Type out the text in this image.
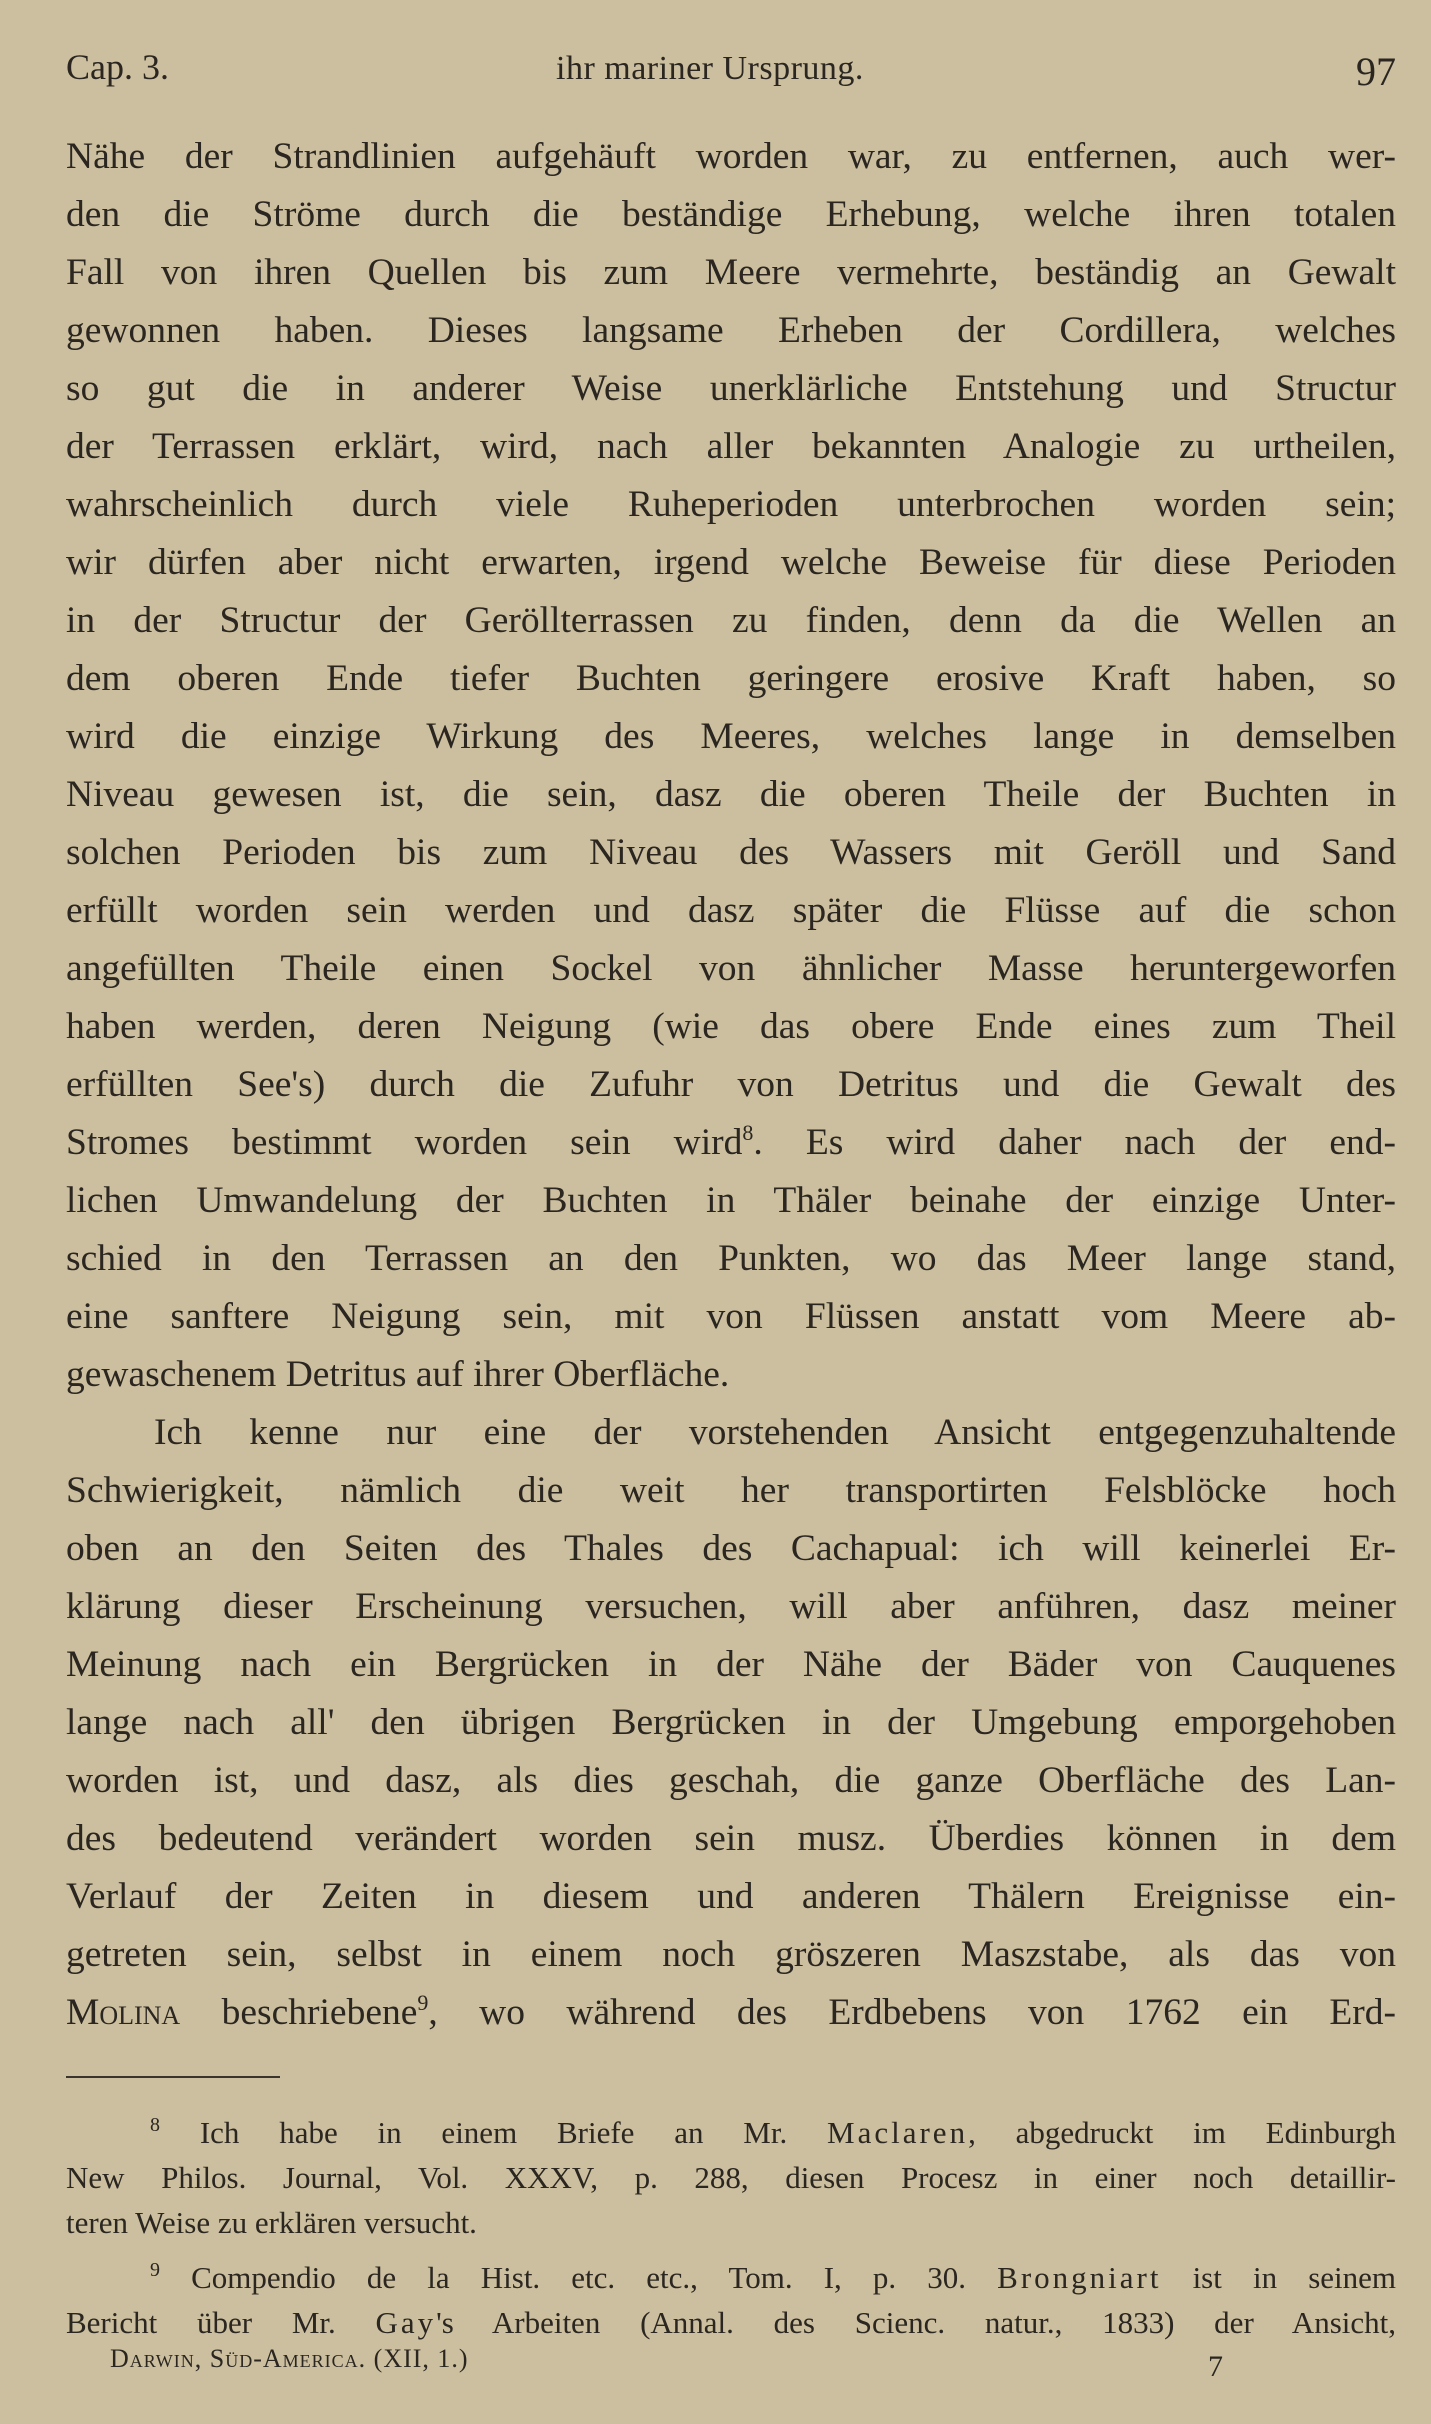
Cap. 3.	ihr mariner Ursprung.	97
Nähe der Strandlinien aufgehäuft worden war, zu entfernen, auch wer-
den die Ströme durch die beständige Erhebung, welche ihren totalen
Fall von ihren Quellen bis zum Meere vermehrte, beständig an Gewalt
gewonnen haben. Dieses langsame Erheben der Cordillera, welches
so gut die in anderer Weise unerklärliche Entstehung und Structur
der Terrassen erklärt, wird, nach aller bekannten Analogie zu urtheilen,
wahrscheinlich durch viele Ruheperioden unterbrochen worden sein;
wir dürfen aber nicht erwarten, irgend welche Beweise für diese Perioden
in der Structur der Geröllterrassen zu finden, denn da die Wellen an
dem oberen Ende tiefer Buchten geringere erosive Kraft haben, so
wird die einzige Wirkung des Meeres, welches lange in demselben
Niveau gewesen ist, die sein, dasz die oberen Theile der Buchten in
solchen Perioden bis zum Niveau des Wassers mit Geröll und Sand
erfüllt worden sein werden und dasz später die Flüsse auf die schon
angefüllten Theile einen Sockel von ähnlicher Masse heruntergeworfen
haben werden, deren Neigung (wie das obere Ende eines zum Theil
erfüllten See's) durch die Zufuhr von Detritus und die Gewalt des
Stromes bestimmt worden sein wird$^8$. Es wird daher nach der end-
lichen Umwandelung der Buchten in Thäler beinahe der einzige Unter-
schied in den Terrassen an den Punkten, wo das Meer lange stand,
eine sanftere Neigung sein, mit von Flüssen anstatt vom Meere ab-
gewaschenem Detritus auf ihrer Oberfläche.
Ich kenne nur eine der vorstehenden Ansicht entgegenzuhaltende
Schwierigkeit, nämlich die weit her transportirten Felsblöcke hoch
oben an den Seiten des Thales des Cachapual: ich will keinerlei Er-
klärung dieser Erscheinung versuchen, will aber anführen, dasz meiner
Meinung nach ein Bergrücken in der Nähe der Bäder von Cauquenes
lange nach all' den übrigen Bergrücken in der Umgebung emporgehoben
worden ist, und dasz, als dies geschah, die ganze Oberfläche des Lan-
des bedeutend verändert worden sein musz. Überdies können in dem
Verlauf der Zeiten in diesem und anderen Thälern Ereignisse ein-
getreten sein, selbst in einem noch gröszeren Maszstabe, als das von
Molina beschriebene$^9$, wo während des Erdbebens von 1762 ein Erd-
$^8$ Ich habe in einem Briefe an Mr. Maclaren, abgedruckt im Edinburgh
New Philos. Journal, Vol. XXXV, p. 288, diesen Procesz in einer noch detaillir-
teren Weise zu erklären versucht.
$^9$ Compendio de la Hist. etc. etc., Tom. I, p. 30. Brongniart ist in seinem
Bericht über Mr. Gay's Arbeiten (Annal. des Scienc. natur., 1833) der Ansicht,
Darwin, Süd-America. (XII, 1.)	7
